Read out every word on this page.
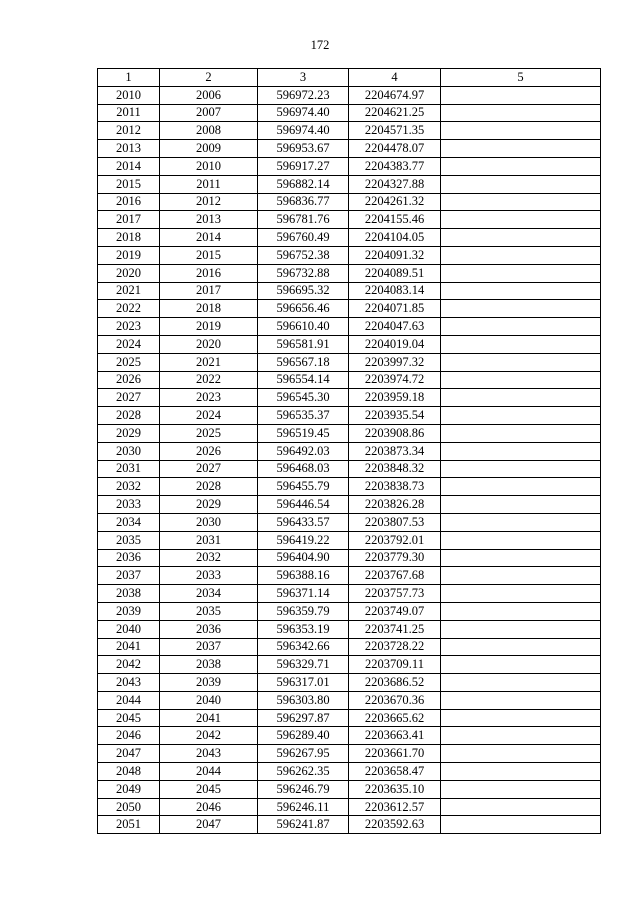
172
1	2	3	4	5
2010	2006	596972.23	2204674.97	
2011	2007	596974.40	2204621.25	
2012	2008	596974.40	2204571.35	
2013	2009	596953.67	2204478.07	
2014	2010	596917.27	2204383.77	
2015	2011	596882.14	2204327.88	
2016	2012	596836.77	2204261.32	
2017	2013	596781.76	2204155.46	
2018	2014	596760.49	2204104.05	
2019	2015	596752.38	2204091.32	
2020	2016	596732.88	2204089.51	
2021	2017	596695.32	2204083.14	
2022	2018	596656.46	2204071.85	
2023	2019	596610.40	2204047.63	
2024	2020	596581.91	2204019.04	
2025	2021	596567.18	2203997.32	
2026	2022	596554.14	2203974.72	
2027	2023	596545.30	2203959.18	
2028	2024	596535.37	2203935.54	
2029	2025	596519.45	2203908.86	
2030	2026	596492.03	2203873.34	
2031	2027	596468.03	2203848.32	
2032	2028	596455.79	2203838.73	
2033	2029	596446.54	2203826.28	
2034	2030	596433.57	2203807.53	
2035	2031	596419.22	2203792.01	
2036	2032	596404.90	2203779.30	
2037	2033	596388.16	2203767.68	
2038	2034	596371.14	2203757.73	
2039	2035	596359.79	2203749.07	
2040	2036	596353.19	2203741.25	
2041	2037	596342.66	2203728.22	
2042	2038	596329.71	2203709.11	
2043	2039	596317.01	2203686.52	
2044	2040	596303.80	2203670.36	
2045	2041	596297.87	2203665.62	
2046	2042	596289.40	2203663.41	
2047	2043	596267.95	2203661.70	
2048	2044	596262.35	2203658.47	
2049	2045	596246.79	2203635.10	
2050	2046	596246.11	2203612.57	
2051	2047	596241.87	2203592.63	
